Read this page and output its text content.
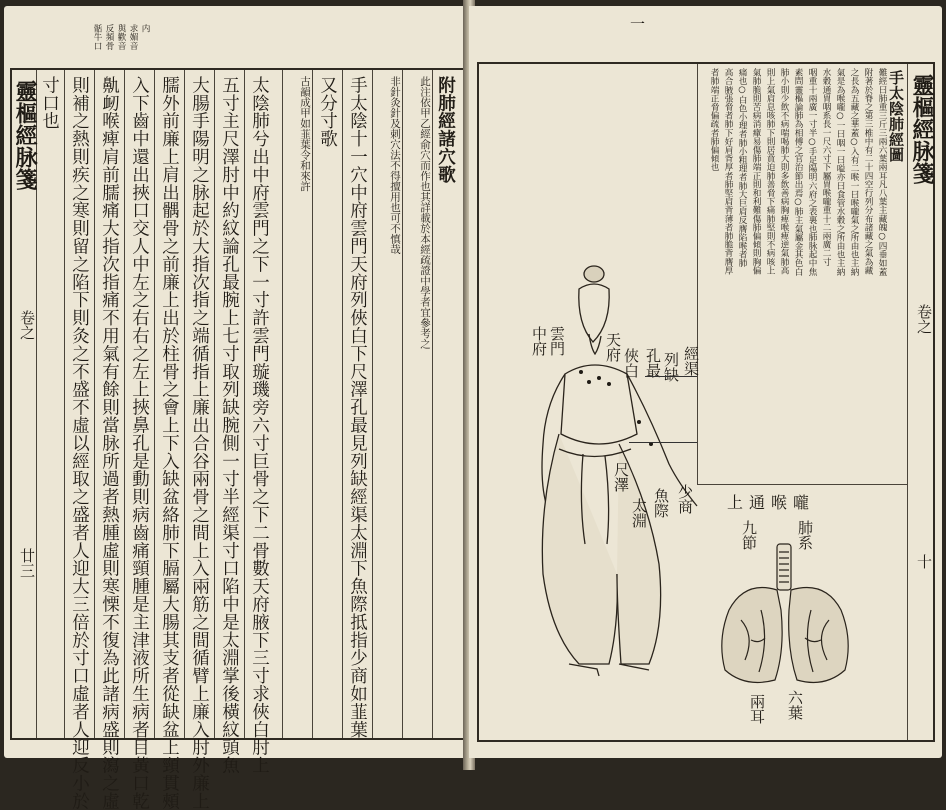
䯏牛口 反頻骨 與歡音 求媚音 内
靈樞經脉箋
卷之
廿三
寸口也 則補之熱則疾之寒則留之陷下則灸之不盛不虛以經取之盛者人迎大三倍於寸口虛者人迎反小於 鼽衂喉痺肩前臑痛大指次指痛不用氣有餘則當脉所過者熱腫虛則寒慄不復為此諸病盛則瀉之虛 入下齒中還出挾口交人中左之右右之左上挾鼻孔是動則病齒痛頸腫是主津液所生病者目黃口乾 臑外前廉上肩出髃骨之前廉上出於柱骨之會上下入缺盆絡肺下膈屬大腸其支者從缺盆上頸貫頰 大腸手陽明之脉起於大指次指之端循指上廉出合谷兩骨之間上入兩筋之間循臂上廉入肘外廉上 五寸主尺澤肘中約紋論孔最腕上七寸取列缺腕側一寸半經渠寸口陷中是太淵掌後橫紋頭魚 太陰肺兮出中府雲門之下一寸許雲門璇璣旁六寸巨骨之下二骨數天府腋下三寸求俠白肘上	古韻成甲如韮葉令和來許 又分寸歌 手太陰十一穴中府雲門天府列俠白下尺澤孔最見列缺經渠太淵下魚際抵指少商如韮葉	非針灸針及刺穴法不得擅用也可不慎哉	此注依甲乙經俞穴而作也其詳載於本經疏證中學者宜參考之 附肺經諸穴歌
一
靈樞經脉箋
卷之
十
手太陰肺經圖
難經曰肺重三斤三兩六葉兩耳凡八葉主藏魄○四垂如蓋
附著於脊之第三椎中有二十四空行列分布諸藏之氣為藏
之長為五藏之華蓋○入有二喉一曰喉嚨氣之所由也主納
氣是為喉嚨○一曰咽一曰嗌亦曰食管水穀之所由也主納
水穀通胃咽系長一尺六寸下屬胃喉嚨重十二兩廣二寸
咽重十兩廣一寸半○手足陽明六府之表裏也肺脉起中焦
素問靈樞論肺為相傅之官治節出焉○肺主氣屬金其色白
肺小則少飲不病喘喝肺大則多飲善病胸痺喉痺逆氣肺高
則上氣肩息咳肺下則居賁迫肺善脅下痛肺堅則不病咳上
氣肺脆則苦病消癉易傷肺端正則和利難傷肺偏傾則胸偏
痛也○白色小理者肺小粗理者肺大巨肩反膺陷喉者肺
高合腋張脅者肺下好肩背厚者肺堅肩背薄者肺脆背膺厚
者肺端正脅偏疏者肺偏傾也
中府 雲門	天府
俠白 孔最 列缺 經渠
尺澤
少商
魚際
太淵	上通喉嚨
肺系
九節
六葉
兩耳
